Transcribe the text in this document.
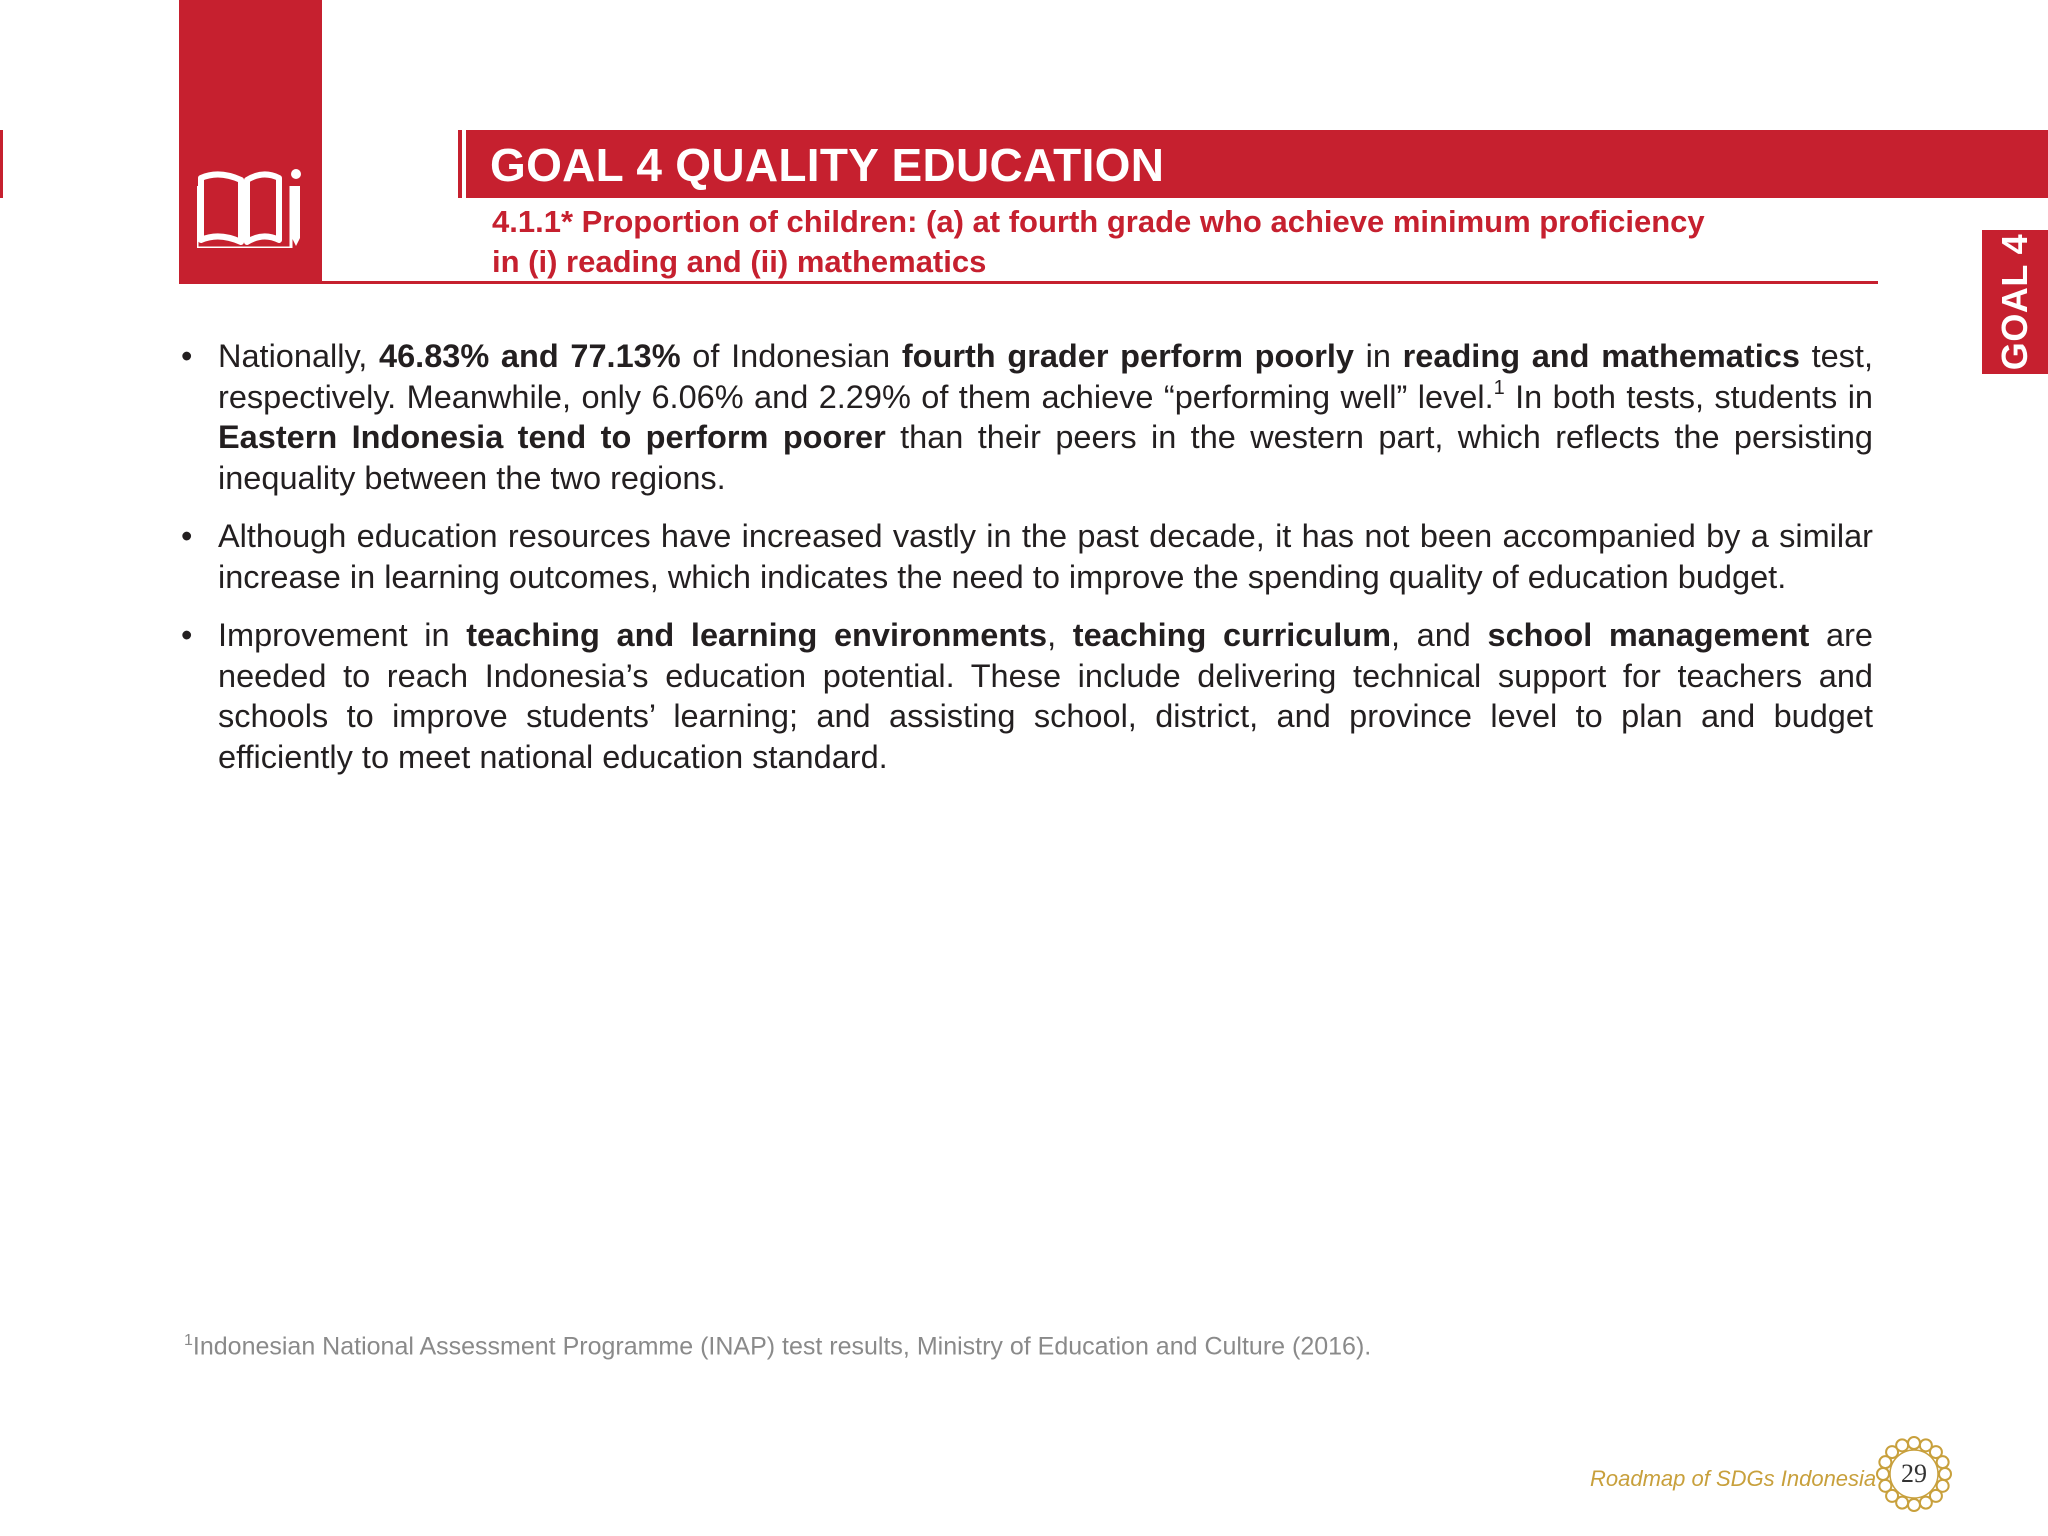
GOAL 4 QUALITY EDUCATION
4.1.1* Proportion of children: (a) at fourth grade who achieve minimum proficiency
in (i) reading and (ii) mathematics	GOAL 4
• Nationally, 46.83% and 77.13% of Indonesian fourth grader perform poorly in reading and mathematics test, respectively. Meanwhile, only 6.06% and 2.29% of them achieve “performing well” level.$^1$ In both tests, students in Eastern Indonesia tend to perform poorer than their peers in the western part, which reflects the persisting inequality between the two regions.
• Although education resources have increased vastly in the past decade, it has not been accompanied by a similar increase in learning outcomes, which indicates the need to improve the spending quality of education budget.
• Improvement in teaching and learning environments, teaching curriculum, and school management are needed to reach Indonesia’s education potential. These include delivering technical support for teachers and schools to improve students’ learning; and assisting school, district, and province level to plan and budget efficiently to meet national education standard.
$^1$Indonesian National Assessment Programme (INAP) test results, Ministry of Education and Culture (2016).
Roadmap of SDGs Indonesia 29
